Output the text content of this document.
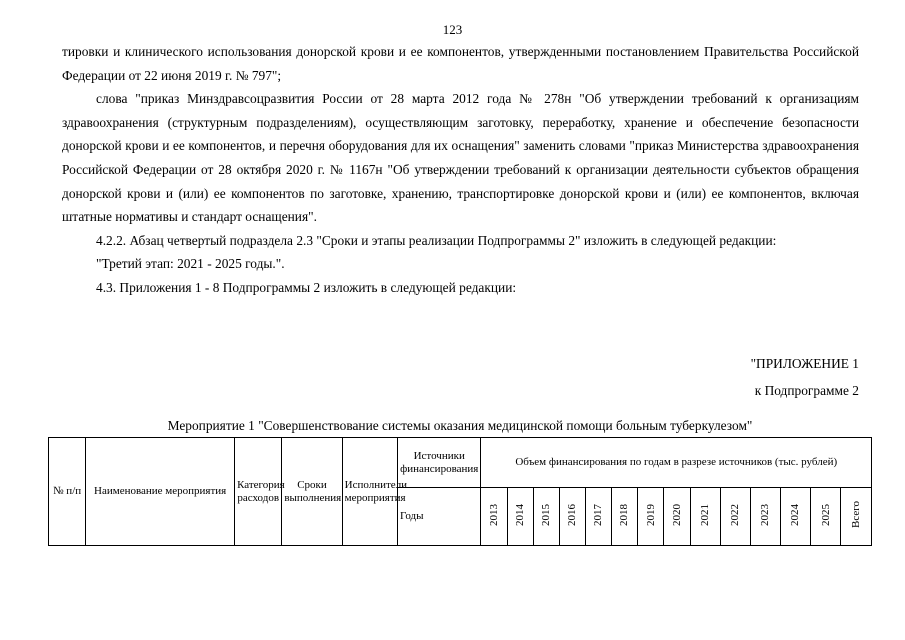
123

тировки и клинического использования донорской крови и ее компонентов, утвержденными постановлением Правительства Российской Федерации от 22 июня 2019 г. № 797";

слова "приказ Минздравсоцразвития России от 28 марта 2012 года № 278н "Об утверждении требований к организациям здравоохранения (структурным подразделениям), осуществляющим заготовку, переработку, хранение и обеспечение безопасности донорской крови и ее компонентов, и перечня оборудования для их оснащения" заменить словами "приказ Министерства здравоохранения Российской Федерации от 28 октября 2020 г. № 1167н "Об утверждении требований к организации деятельности субъектов обращения донорской крови и (или) ее компонентов по заготовке, хранению, транспортировке донорской крови и (или) ее компонентов, включая штатные нормативы и стандарт оснащения".

4.2.2. Абзац четвертый подраздела 2.3 "Сроки и этапы реализации Подпрограммы 2" изложить в следующей редакции:

"Третий этап: 2021 - 2025 годы.".

4.3. Приложения 1 - 8 Подпрограммы 2 изложить в следующей редакции:

"ПРИЛОЖЕНИЕ 1
к Подпрограмме 2
Мероприятие 1 "Совершенствование системы оказания медицинской помощи больным туберкулезом"
№ п/п	Наименование мероприятия	Категория расходов	Сроки выполнения	Исполнители мероприятия	Источники финансирования	Объем финансирования по годам в разрезе источников (тыс. рублей)													
					Годы	2013	2014	2015	2016	2017	2018	2019	2020	2021	2022	2023	2024	2025	Всего
